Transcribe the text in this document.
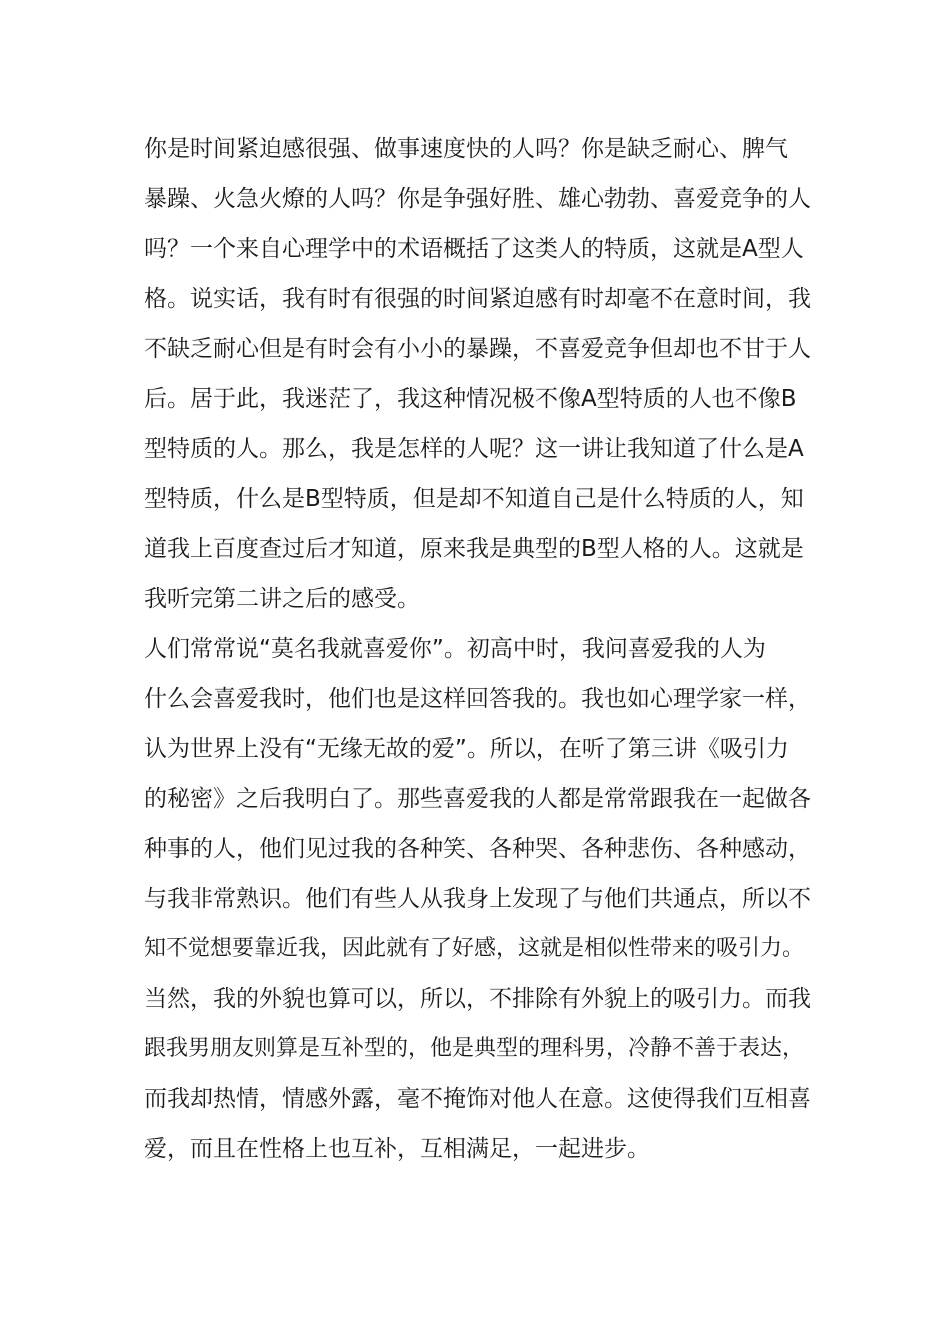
你是时间紧迫感很强、做事速度快的人吗？你是缺乏耐心、脾气
暴躁、火急火燎的人吗？你是争强好胜、雄心勃勃、喜爱竞争的人
吗？一个来自心理学中的术语概括了这类人的特质，这就是A型人
格。说实话，我有时有很强的时间紧迫感有时却毫不在意时间，我
不缺乏耐心但是有时会有小小的暴躁，不喜爱竞争但却也不甘于人
后。居于此，我迷茫了，我这种情况极不像A型特质的人也不像B
型特质的人。那么，我是怎样的人呢？这一讲让我知道了什么是A
型特质，什么是B型特质，但是却不知道自己是什么特质的人，知
道我上百度查过后才知道，原来我是典型的B型人格的人。这就是
我听完第二讲之后的感受。
人们常常说“莫名我就喜爱你”。初高中时，我问喜爱我的人为
什么会喜爱我时，他们也是这样回答我的。我也如心理学家一样，
认为世界上没有“无缘无故的爱”。所以，在听了第三讲《吸引力
的秘密》之后我明白了。那些喜爱我的人都是常常跟我在一起做各
种事的人，他们见过我的各种笑、各种哭、各种悲伤、各种感动，
与我非常熟识。他们有些人从我身上发现了与他们共通点，所以不
知不觉想要靠近我，因此就有了好感，这就是相似性带来的吸引力。
当然，我的外貌也算可以，所以，不排除有外貌上的吸引力。而我
跟我男朋友则算是互补型的，他是典型的理科男，冷静不善于表达，
而我却热情，情感外露，毫不掩饰对他人在意。这使得我们互相喜
爱，而且在性格上也互补，互相满足，一起进步。
